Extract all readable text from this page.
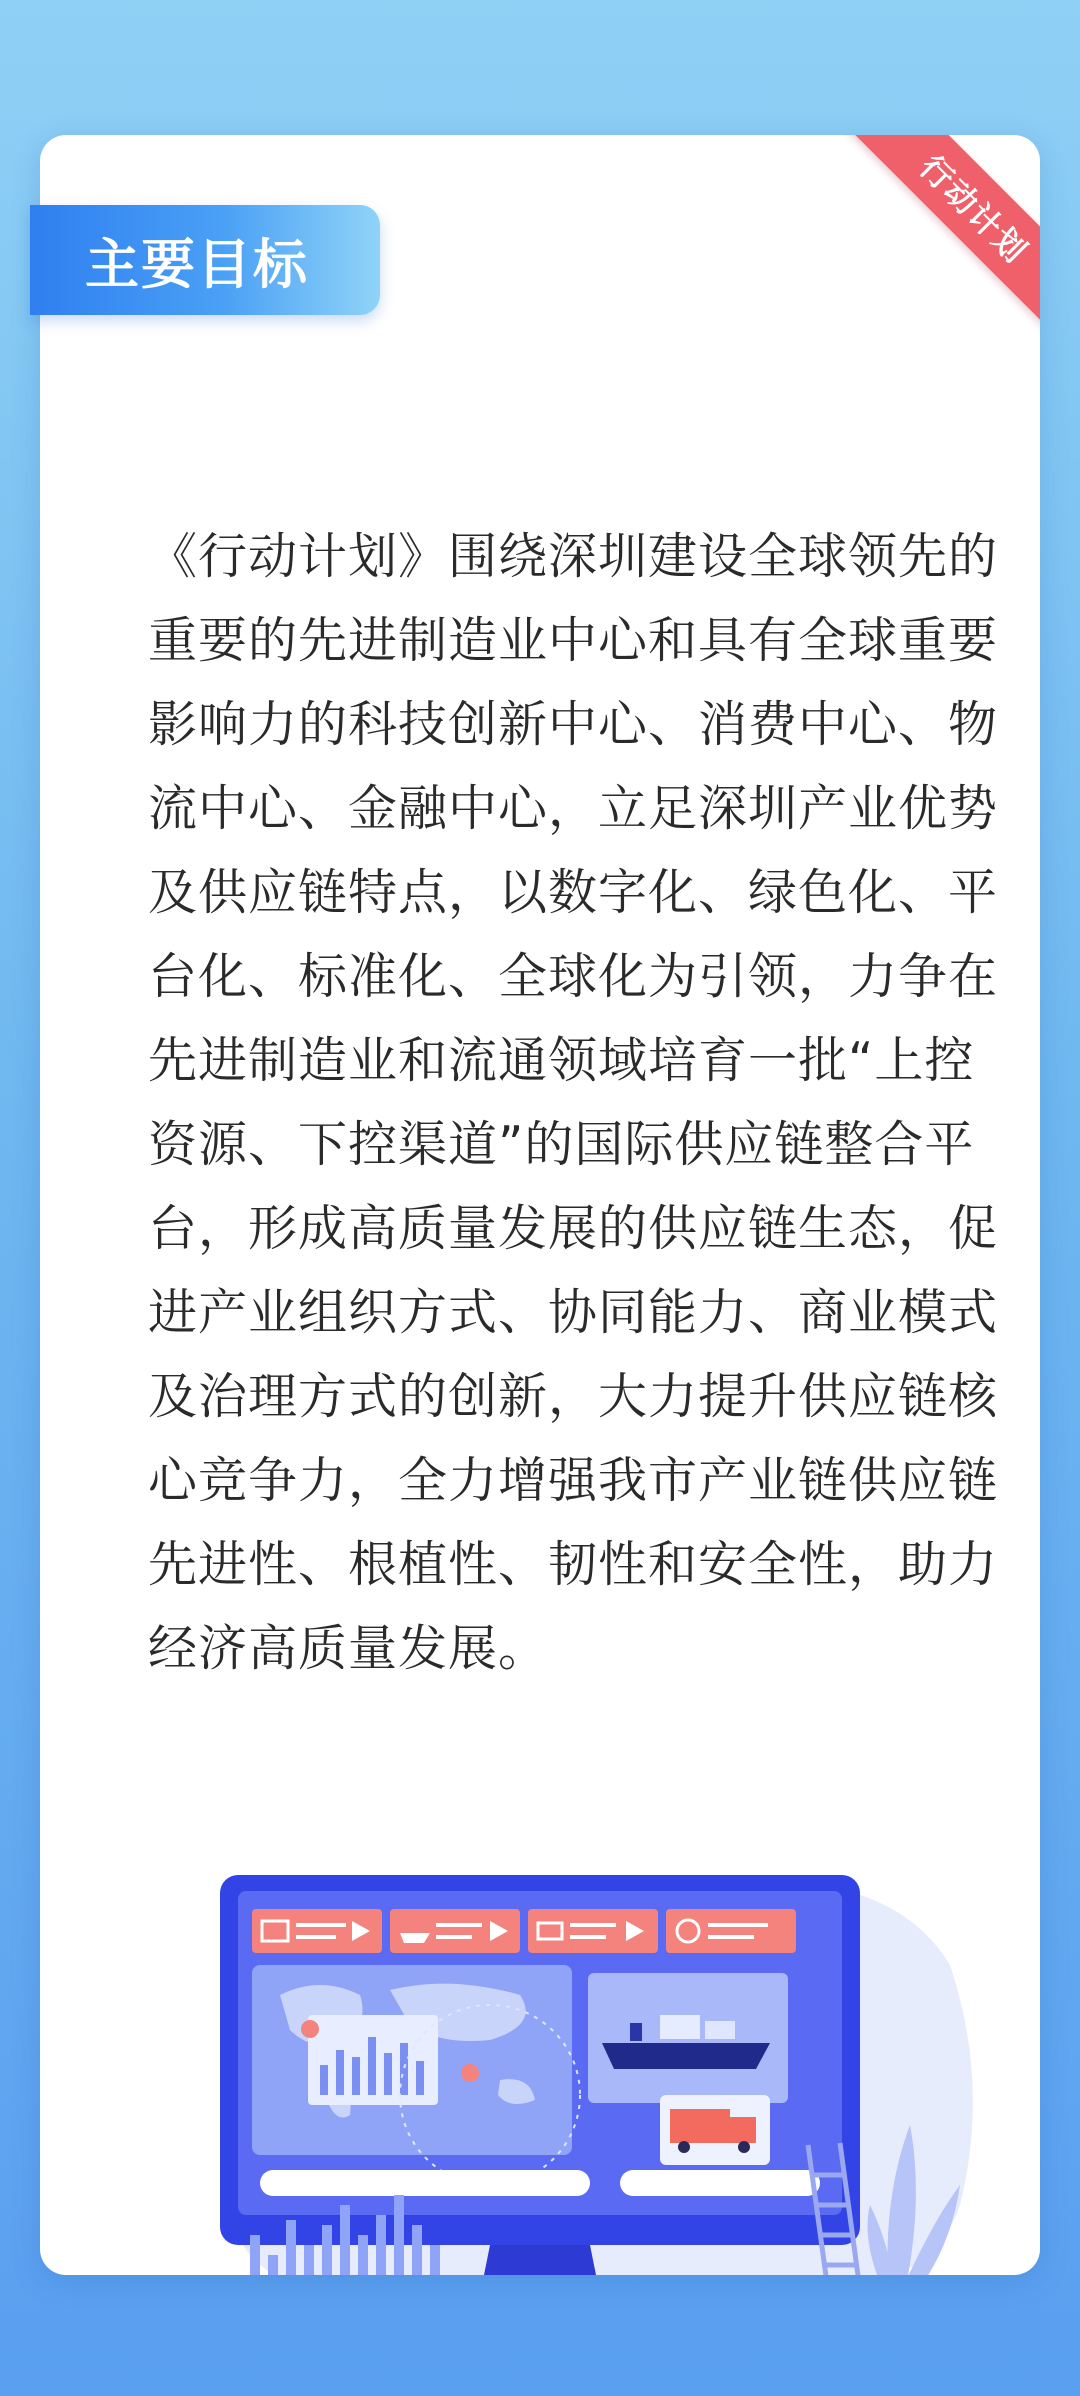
行动计划
《行动计划》围绕深圳建设全球领先的重要的先进制造业中心和具有全球重要影响力的科技创新中心、消费中心、物流中心、金融中心，立足深圳产业优势及供应链特点，以数字化、绿色化、平台化、标准化、全球化为引领，力争在先进制造业和流通领域培育一批“上控资源、下控渠道”的国际供应链整合平台，形成高质量发展的供应链生态，促进产业组织方式、协同能力、商业模式及治理方式的创新，大力提升供应链核心竞争力，全力增强我市产业链供应链先进性、根植性、韧性和安全性，助力经济高质量发展。
主要目标
